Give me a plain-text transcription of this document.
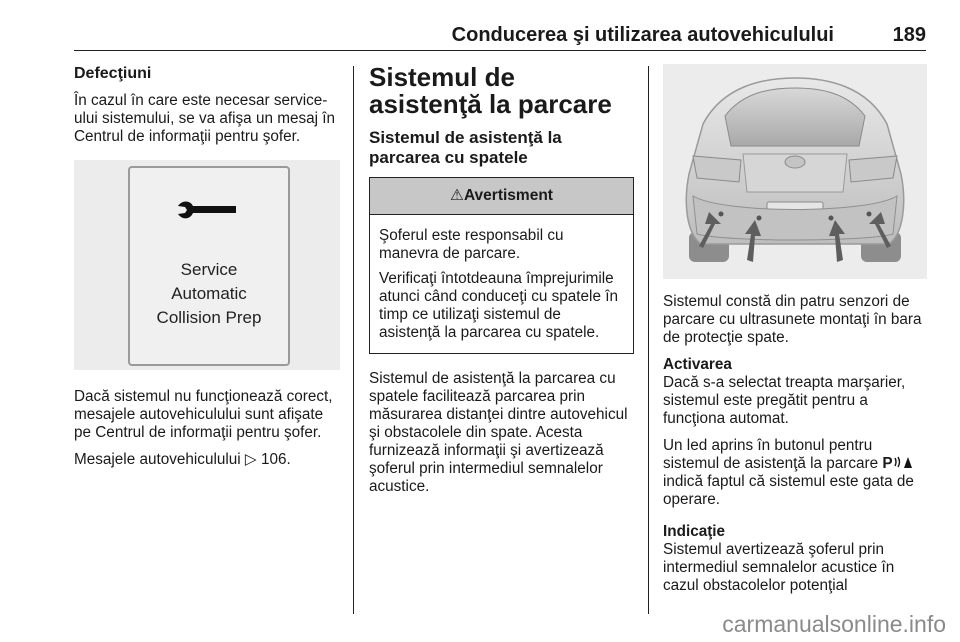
Conducerea şi utilizarea autovehiculului	189
Defecţiuni

În cazul în care este necesar service-ului sistemului, se va afişa un mesaj în Centrul de informaţii pentru şofer.

Service
Automatic
Collision Prep

Dacă sistemul nu funcţionează corect, mesajele autovehiculului sunt afişate pe Centrul de informaţii pentru şofer.

Mesajele autovehiculului ▷ 106.

Sistemul de asistenţă la parcare
Sistemul de asistenţă la parcarea cu spatele
⚠Avertisment

Şoferul este responsabil cu manevra de parcare.

Verificaţi întotdeauna împrejurimile atunci când conduceţi cu spatele în timp ce utilizaţi sistemul de asistenţă la parcarea cu spatele.

Sistemul de asistenţă la parcarea cu spatele facilitează parcarea prin măsurarea distanţei dintre autovehicul şi obstacolele din spate. Acesta furnizează informaţii şi avertizează şoferul prin intermediul semnalelor acustice.

Sistemul constă din patru senzori de parcare cu ultrasunete montaţi în bara de protecţie spate.

Activarea

Dacă s-a selectat treapta marşarier, sistemul este pregătit pentru a funcţiona automat.

Un led aprins în butonul pentru sistemul de asistenţă la parcare P indică faptul că sistemul este gata de operare.

Indicaţie

Sistemul avertizează şoferul prin intermediul semnalelor acustice în cazul obstacolelor potenţial

carmanualsonline.info
